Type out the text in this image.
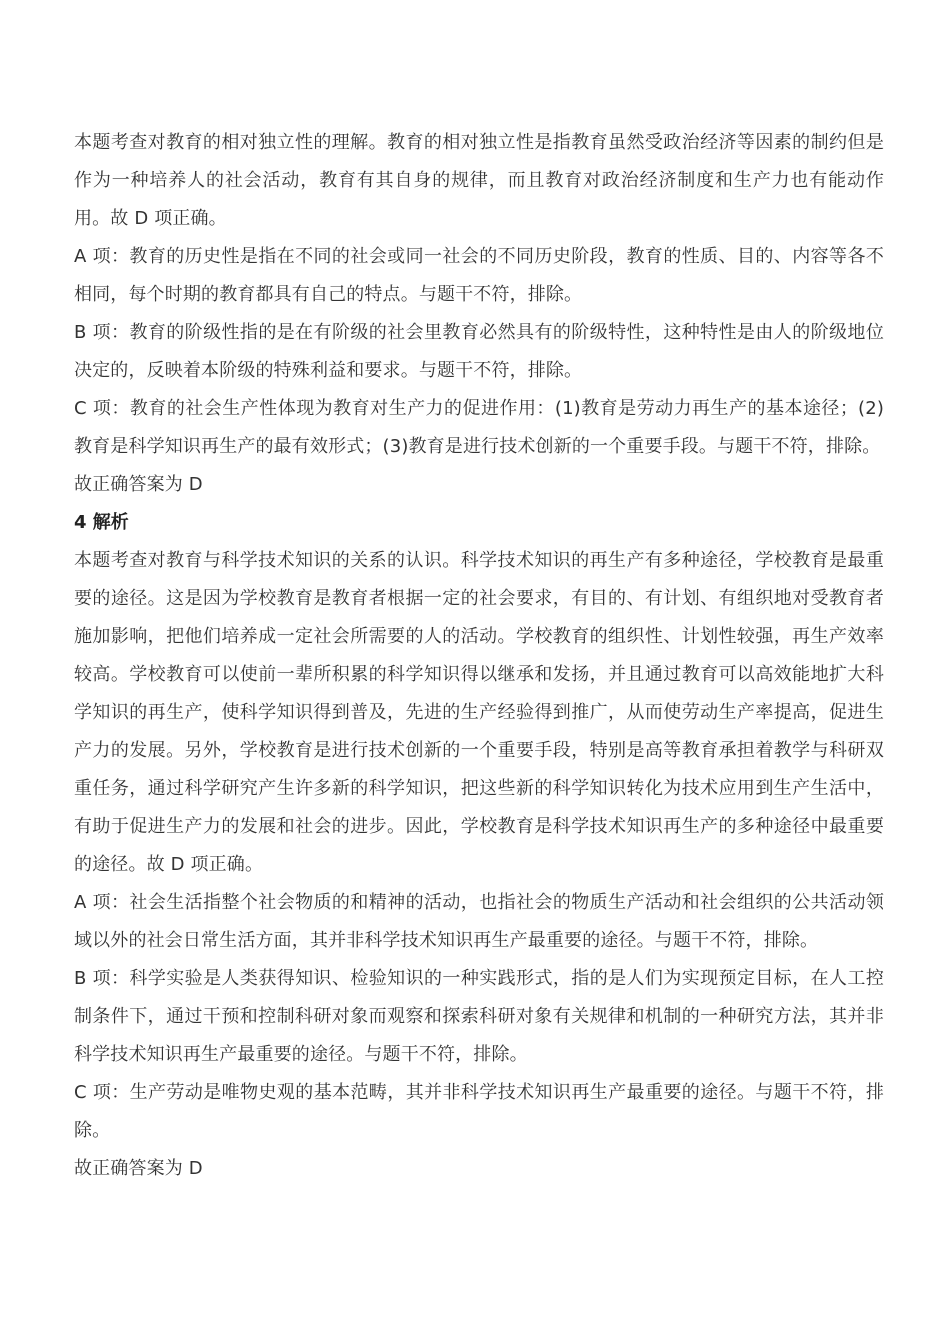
本题考查对教育的相对独立性的理解。教育的相对独立性是指教育虽然受政治经济等因素的制约但是作为一种培养人的社会活动，教育有其自身的规律，而且教育对政治经济制度和生产力也有能动作用。故 D 项正确。

A 项：教育的历史性是指在不同的社会或同一社会的不同历史阶段，教育的性质、目的、内容等各不相同，每个时期的教育都具有自己的特点。与题干不符，排除。

B 项：教育的阶级性指的是在有阶级的社会里教育必然具有的阶级特性，这种特性是由人的阶级地位决定的，反映着本阶级的特殊利益和要求。与题干不符，排除。

C 项：教育的社会生产性体现为教育对生产力的促进作用：(1)教育是劳动力再生产的基本途径；(2)教育是科学知识再生产的最有效形式；(3)教育是进行技术创新的一个重要手段。与题干不符，排除。

故正确答案为 D

4 解析

本题考查对教育与科学技术知识的关系的认识。科学技术知识的再生产有多种途径，学校教育是最重要的途径。这是因为学校教育是教育者根据一定的社会要求，有目的、有计划、有组织地对受教育者施加影响，把他们培养成一定社会所需要的人的活动。学校教育的组织性、计划性较强，再生产效率较高。学校教育可以使前一辈所积累的科学知识得以继承和发扬，并且通过教育可以高效能地扩大科学知识的再生产，使科学知识得到普及，先进的生产经验得到推广，从而使劳动生产率提高，促进生产力的发展。另外，学校教育是进行技术创新的一个重要手段，特别是高等教育承担着教学与科研双重任务，通过科学研究产生许多新的科学知识，把这些新的科学知识转化为技术应用到生产生活中，有助于促进生产力的发展和社会的进步。因此，学校教育是科学技术知识再生产的多种途径中最重要的途径。故 D 项正确。

A 项：社会生活指整个社会物质的和精神的活动，也指社会的物质生产活动和社会组织的公共活动领域以外的社会日常生活方面，其并非科学技术知识再生产最重要的途径。与题干不符，排除。

B 项：科学实验是人类获得知识、检验知识的一种实践形式，指的是人们为实现预定目标，在人工控制条件下，通过干预和控制科研对象而观察和探索科研对象有关规律和机制的一种研究方法，其并非科学技术知识再生产最重要的途径。与题干不符，排除。

C 项：生产劳动是唯物史观的基本范畴，其并非科学技术知识再生产最重要的途径。与题干不符，排除。

故正确答案为 D
